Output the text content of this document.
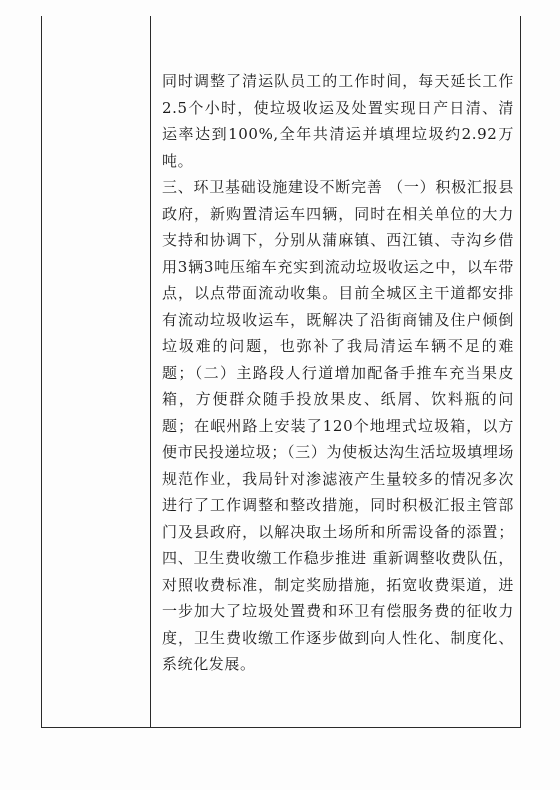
同时调整了清运队员工的工作时间，每天延长工作2.5个小时，使垃圾收运及处置实现日产日清、清运率达到100%,全年共清运并填埋垃圾约2.92万吨。

三、环卫基础设施建设不断完善 （一）积极汇报县政府，新购置清运车四辆，同时在相关单位的大力支持和协调下，分别从蒲麻镇、西江镇、寺沟乡借用3辆3吨压缩车充实到流动垃圾收运之中，以车带点，以点带面流动收集。目前全城区主干道都安排有流动垃圾收运车，既解决了沿街商铺及住户倾倒垃圾难的问题，也弥补了我局清运车辆不足的难题；（二）主路段人行道增加配备手推车充当果皮箱，方便群众随手投放果皮、纸屑、饮料瓶的问题；在岷州路上安装了120个地埋式垃圾箱，以方便市民投递垃圾；（三）为使板达沟生活垃圾填埋场规范作业，我局针对渗滤液产生量较多的情况多次进行了工作调整和整改措施，同时积极汇报主管部门及县政府，以解决取土场所和所需设备的添置； 四、卫生费收缴工作稳步推进 重新调整收费队伍，对照收费标准，制定奖励措施，拓宽收费渠道，进一步加大了垃圾处置费和环卫有偿服务费的征收力度，卫生费收缴工作逐步做到向人性化、制度化、系统化发展。
